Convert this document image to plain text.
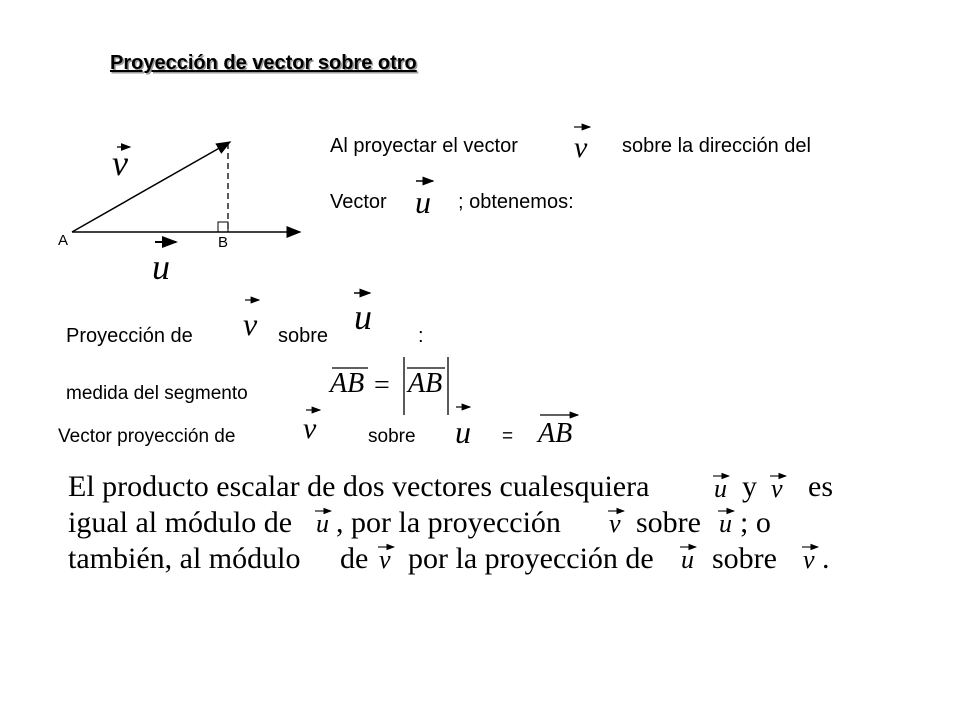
Proyección de vector sobre otro
A	B
v
u
Al proyectar el vector v sobre la dirección del
Vector u ; obtenemos:
Proyección de v sobre u :
medida del segmento	AB = AB
Vector proyección de v	sobre u = AB
El producto escalar de dos vectores cualesquiera u y v es
igual al módulo de u , por la proyección v sobre u ; o
también, al módulo de v por la proyección de u sobre v .
